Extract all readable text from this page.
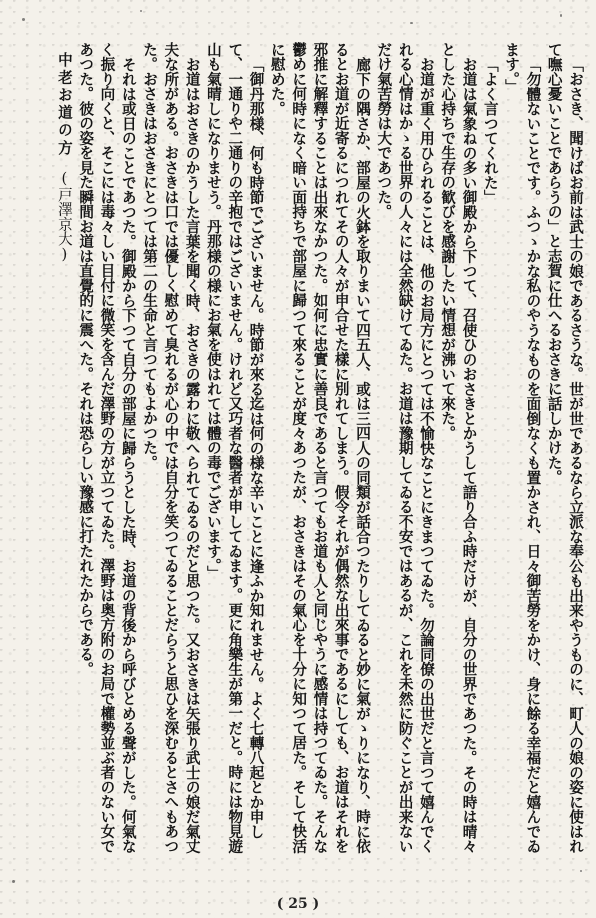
「おさき、聞けばお前は武士の娘であるさうな。世が世であるなら立派な奉公も出来やうものに、町人の娘の姿に使はれて嘸心憂いことであらうの」と志賀に仕へるおさきに話しかけた。

「勿體ないことです。ふつゝかな私のやうなものを面倒なくも置かされ、日々御苦勞をかけ、身に餘る幸福だと嬉んでゐます。」

「よく言つてくれた」

お道は氣象ねの多い御殿から下つて、召使ひのおさきとかうして語り合ふ時だけが、自分の世界であつた。その時は晴々とした心持ちで生存の歓びを感謝したい情想が沸いて來た。

お道が重く用ひられることは、他のお局方にとつては不愉快なことにきまつてゐた。勿論同僚の出世だと言つて嬉んでくれる心情はかゝる世界の人々には全然缺けてゐた。お道は豫期してゐる不安ではあるが、これを未然に防ぐことが出来ないだけ氣苦勞は大であつた。

廊下の隅さか、部屋の火鉢を取りまいて四五人、或は三四人の同類が話合つたりしてゐると妙に氣がゝりになり、時に依るとお道が近寄るにつれてその人々が申合せた樣に別れてしまう。假令それが偶然な出來事であるにしても、お道はそれを邪推に解釋することは出來なかつた。如何に忠實に善良であると言つてもお道も人と同じやうに感情は持つてゐた。そんな鬱めに何時になく暗い面持ちで部屋に歸つて來ることが度々あつたが、おさきはその氣心を十分に知つて居た。そして快活に慰めた。

「御丹那様、何も時節でございません。時節が來る迄は何の様な辛いことに逢ふか知れません。よく七轉八起とか申して、一通りや二通りの辛抱ではございません。けれど又巧者な醫者が申してゐます。更に角樂生が第一だと。時には物見遊山も氣晴しになりませう。丹那様の様にお氣を使はれては體の毒でございます。」

お道はおさきのかうした言葉を聞く時、おさきの露わに敬へられてゐるのだと思つた。又おさきは矢張り武士の娘だ氣丈夫な所がある。おさきは口では優しく慰めて臭れるが心の中では自分を笑つてゐることだらうと思ひを深むるとさへもあつた。おさきはおさきにとつては第二の生命と言つてもよかつた。

それは或日のことであつた。御殿から下つて自分の部屋に歸らうとした時、お道の背後から呼びとめる聲がした。何氣なく振り向くと、そこには毒々しい目付に微笑を含んだ澤野の方が立つてゐた。澤野は奥方附のお局で權勢並ぶ者のない女であつた。彼の姿を見た瞬間お道は直覺的に震へた。それは恐らしい豫感に打たれたからである。

中老お道の方(戸澤京大)
( 25 )
